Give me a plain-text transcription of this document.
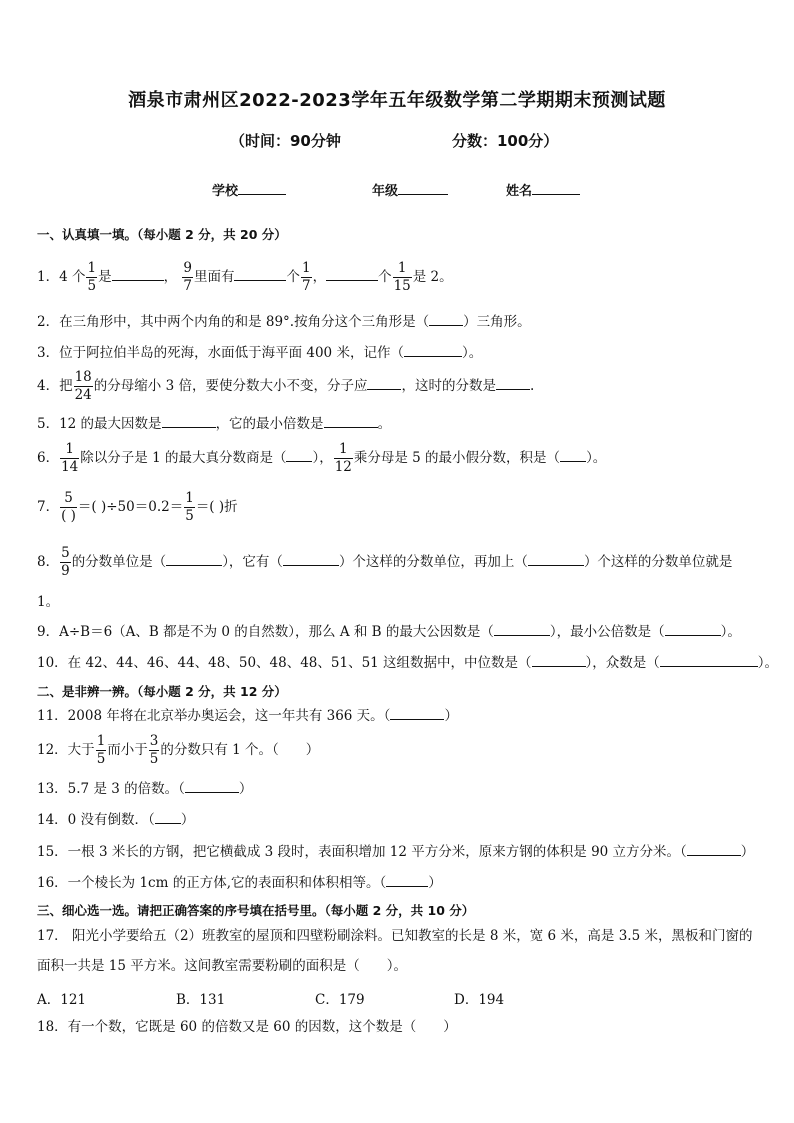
酒泉市肃州区2022-2023学年五年级数学第二学期期末预测试题
（时间：90分钟	分数：100分）
学校	年级	姓名
一、认真填一填。（每小题 2 分，共 20 分）
1．4 个 $\frac{1}{5}$ 是	， $\frac{9}{7}$ 里面有	个 $\frac{1}{7}$ ，	个 $\frac{1}{15}$ 是 2。
2．在三角形中，其中两个内角的和是 89°.按角分这个三角形是（	）三角形。
3．位于阿拉伯半岛的死海，水面低于海平面 400 米，记作（	）。
4．把 $\frac{18}{24}$ 的分母缩小 3 倍，要使分数大小不变，分子应	，这时的分数是	.
5．12 的最大因数是	，它的最小倍数是	。
6． $\frac{1}{14}$ 除以分子是 1 的最大真分数商是（ ）， $\frac{1}{12}$ 乘分母是 5 的最小假分数，积是（ ）。
7． $\frac{5}{( )}$ ＝( )$\div 50=0.2= \frac{1}{5}$ ＝( )折
8． $\frac{5}{9}$ 的分数单位是（	），它有（	）个这样的分数单位，再加上（	）个这样的分数单位就是
1。
9．A÷B＝6（A、B 都是不为 0 的自然数），那么 A 和 B 的最大公因数是（	），最小公倍数是（	）。
10．在 42、44、46、44、48、50、48、48、51、51 这组数据中，中位数是（	），众数是（	）。
二、是非辨一辨。（每小题 2 分，共 12 分）
11．2008 年将在北京举办奥运会，这一年共有 366 天。（	）
12．大于 $\frac{1}{5}$ 而小于 $\frac{3}{5}$ 的分数只有 1 个。（　　）
13．5.7 是 3 的倍数。（	）
14．0 没有倒数．（ ）
15．一根 3 米长的方钢，把它横截成 3 段时，表面积增加 12 平方分米，原来方钢的体积是 90 立方分米。（	）
16．一个棱长为 1cm 的正方体,它的表面积和体积相等。（	）
三、细心选一选。请把正确答案的序号填在括号里。（每小题 2 分，共 10 分）
17． 阳光小学要给五（2）班教室的屋顶和四壁粉刷涂料。已知教室的长是 8 米，宽 6 米，高是 3.5 米，黑板和门窗的
面积一共是 15 平方米。这间教室需要粉刷的面积是（　　）。
A．121	B．131	C．179	D．194
18．有一个数，它既是 60 的倍数又是 60 的因数，这个数是（　　）
